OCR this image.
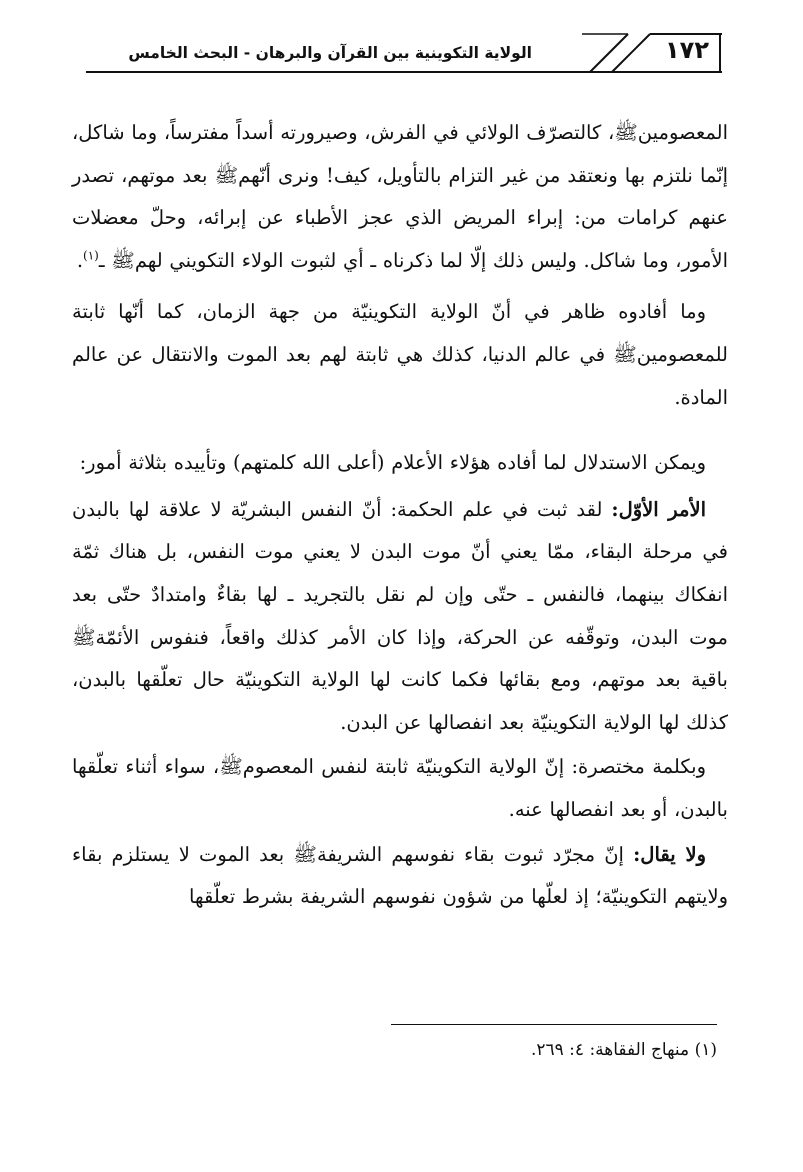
١٧٢
الولاية التكوينية بين القرآن والبرهان - البحث الخامس

المعصومينﷺ، كالتصرّف الولائي في الفرش، وصيرورته أسداً مفترساً، وما شاكل، إنّما نلتزم بها ونعتقد من غير التزام بالتأويل، كيف! ونرى أنّهمﷺ بعد موتهم، تصدر عنهم كرامات من: إبراء المريض الذي عجز الأطباء عن إبرائه، وحلّ معضلات الأمور، وما شاكل. وليس ذلك إلّا لما ذكرناه ـ أي لثبوت الولاء التكويني لهمﷺ ـ$^{(١)}$.

وما أفادوه ظاهر في أنّ الولاية التكوينيّة من جهة الزمان، كما أنّها ثابتة للمعصومينﷺ في عالم الدنيا، كذلك هي ثابتة لهم بعد الموت والانتقال عن عالم المادة.

ويمكن الاستدلال لما أفاده هؤلاء الأعلام (أعلى الله كلمتهم) وتأييده بثلاثة أمور:

الأمر الأوّل: لقد ثبت في علم الحكمة: أنّ النفس البشريّة لا علاقة لها بالبدن في مرحلة البقاء، ممّا يعني أنّ موت البدن لا يعني موت النفس، بل هناك ثمّة انفكاك بينهما، فالنفس ـ حتّى وإن لم نقل بالتجريد ـ لها بقاءٌ وامتدادٌ حتّى بعد موت البدن، وتوقّفه عن الحركة، وإذا كان الأمر كذلك واقعاً، فنفوس الأئمّةﷺ باقية بعد موتهم، ومع بقائها فكما كانت لها الولاية التكوينيّة حال تعلّقها بالبدن، كذلك لها الولاية التكوينيّة بعد انفصالها عن البدن.

وبكلمة مختصرة: إنّ الولاية التكوينيّة ثابتة لنفس المعصومﷺ، سواء أثناء تعلّقها بالبدن، أو بعد انفصالها عنه.

ولا يقال: إنّ مجرّد ثبوت بقاء نفوسهم الشريفةﷺ بعد الموت لا يستلزم بقاء ولايتهم التكوينيّة؛ إذ لعلّها من شؤون نفوسهم الشريفة بشرط تعلّقها

(١) منهاج الفقاهة: ٤: ٢٦٩.
